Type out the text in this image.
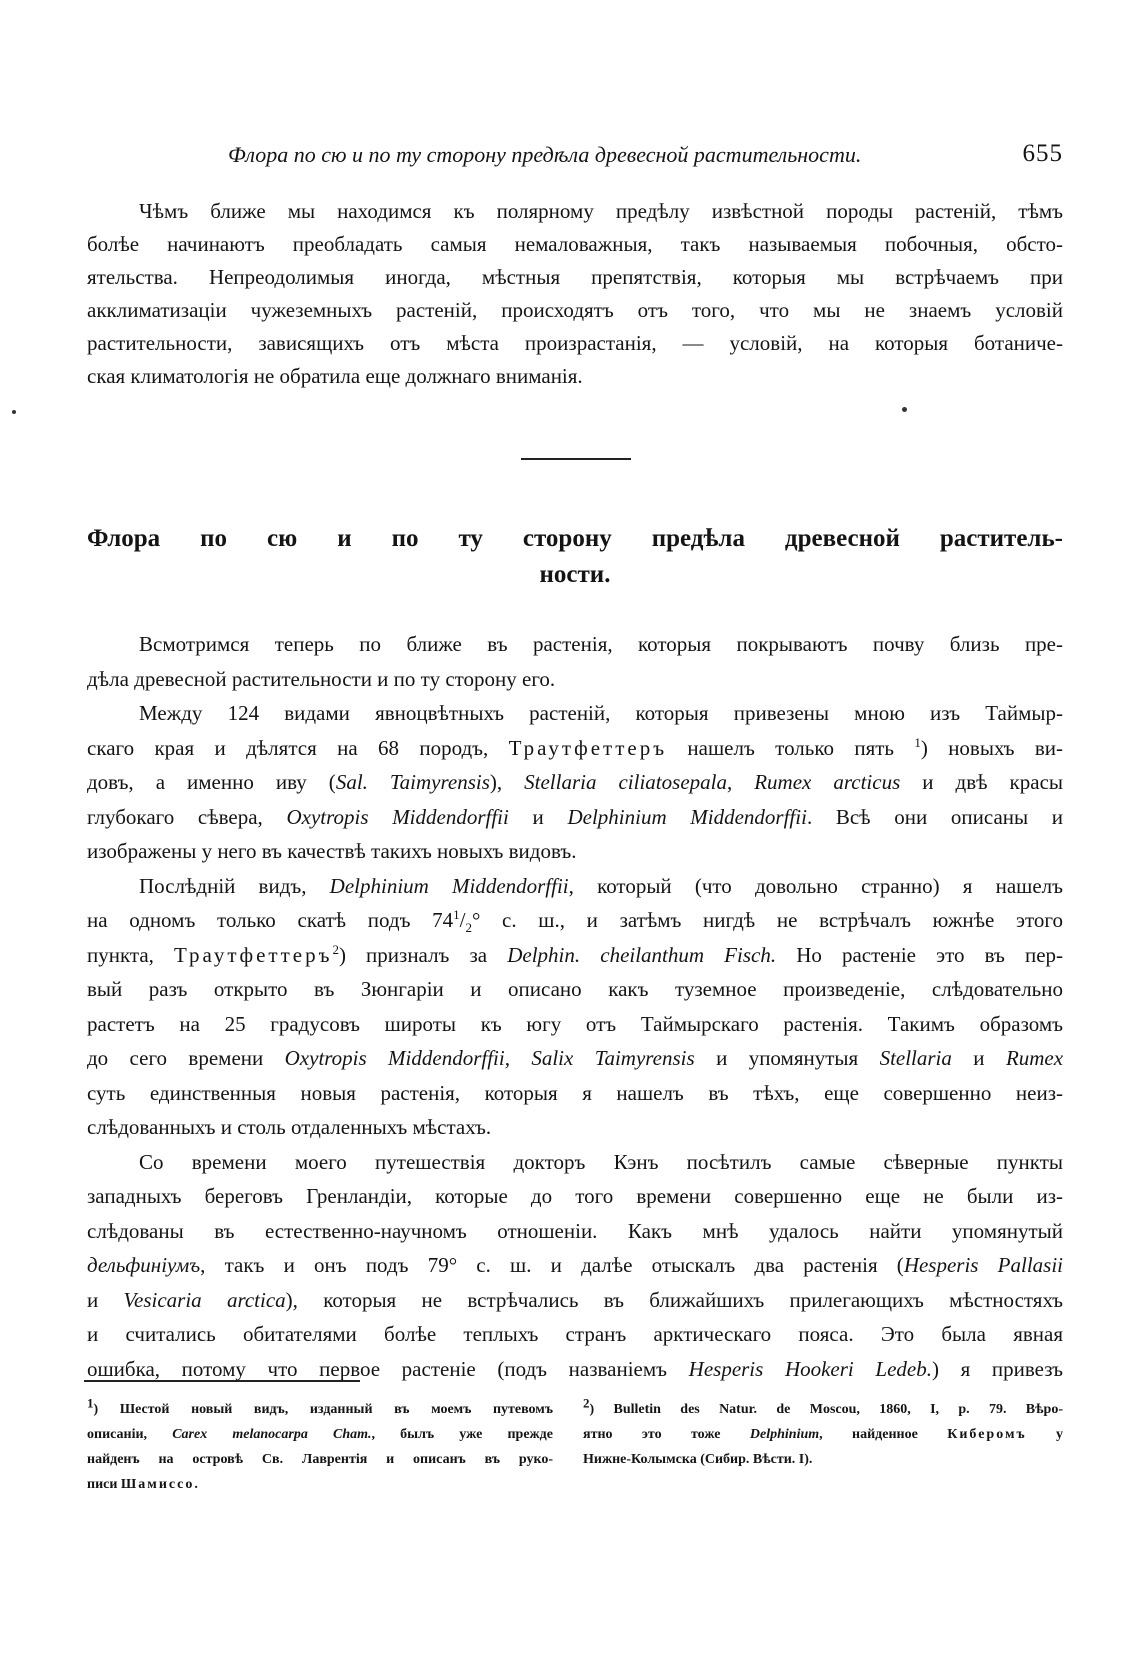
Флора по сю и по ту сторону предѣла древесной растительности.	655
Чѣмъ ближе мы находимся къ полярному предѣлу извѣстной породы растеній, тѣмъ
болѣе начинаютъ преобладать самыя немаловажныя, такъ называемыя побочныя, обсто-
ятельства. Непреодолимыя иногда, мѣстныя препятствія, которыя мы встрѣчаемъ при
акклиматизаціи чужеземныхъ растеній, происходятъ отъ того, что мы не знаемъ условій
растительности, зависящихъ отъ мѣста произрастанія, — условій, на которыя ботаниче-
ская климатологія не обратила еще должнаго вниманія.
Флора по сю и по ту сторону предѣла древесной раститель-
ности.
Всмотримся теперь по ближе въ растенія, которыя покрываютъ почву близь пре-
дѣла древесной растительности и по ту сторону его.
Между 124 видами явноцвѣтныхъ растеній, которыя привезены мною изъ Таймыр-
скаго края и дѣлятся на 68 породъ, Траутфеттеръ нашелъ только пять $^1$) новыхъ ви-
довъ, а именно иву (Sal. Taimyrensis), Stellaria ciliatosepala, Rumex arcticus и двѣ красы
глубокаго сѣвера, Oxytropis Middendorffii и Delphinium Middendorffii. Всѣ они описаны и
изображены у него въ качествѣ такихъ новыхъ видовъ.
Послѣдній видъ, Delphinium Middendorffii, который (что довольно странно) я нашелъ
на одномъ только скатѣ подъ $74^1/_2^\circ$ с. ш., и затѣмъ нигдѣ не встрѣчалъ южнѣе этого
пункта, Траутфеттеръ$^2$) призналъ за Delphin. cheilanthum Fisch. Но растеніе это въ пер-
вый разъ открыто въ Зюнгаріи и описано какъ туземное произведеніе, слѣдовательно
растетъ на 25 градусовъ широты къ югу отъ Таймырскаго растенія. Такимъ образомъ
до сего времени Oxytropis Middendorffii, Salix Taimyrensis и упомянутыя Stellaria и Rumex
суть единственныя новыя растенія, которыя я нашелъ въ тѣхъ, еще совершенно неиз-
слѣдованныхъ и столь отдаленныхъ мѣстахъ.
Со времени моего путешествія докторъ Кэнъ посѣтилъ самые сѣверные пункты
западныхъ береговъ Гренландіи, которые до того времени совершенно еще не были из-
слѣдованы въ естественно-научномъ отношеніи. Какъ мнѣ удалось найти упомянутый
дельфиніумъ, такъ и онъ подъ 79° с. ш. и далѣе отыскалъ два растенія (Hesperis Pallasii
и Vesicaria arctica), которыя не встрѣчались въ ближайшихъ прилегающихъ мѣстностяхъ
и считались обитателями болѣе теплыхъ странъ арктическаго пояса. Это была явная
ошибка, потому что первое растеніе (подъ названіемъ Hesperis Hookeri Ledeb.) я привезъ
$^1$) Шестой новый видъ, изданный въ моемъ путевомъ
описаніи, Carex melanocarpa Cham., былъ уже прежде
найденъ на островѣ Св. Лаврентія и описанъ въ руко-
писи Шамиссо.
$^2$) Bulletin des Natur. de Moscou, 1860, I, p. 79. Вѣро-
ятно это тоже Delphinium, найденное Киберомъ у
Нижне-Колымска (Сибир. Вѣсти. I).
